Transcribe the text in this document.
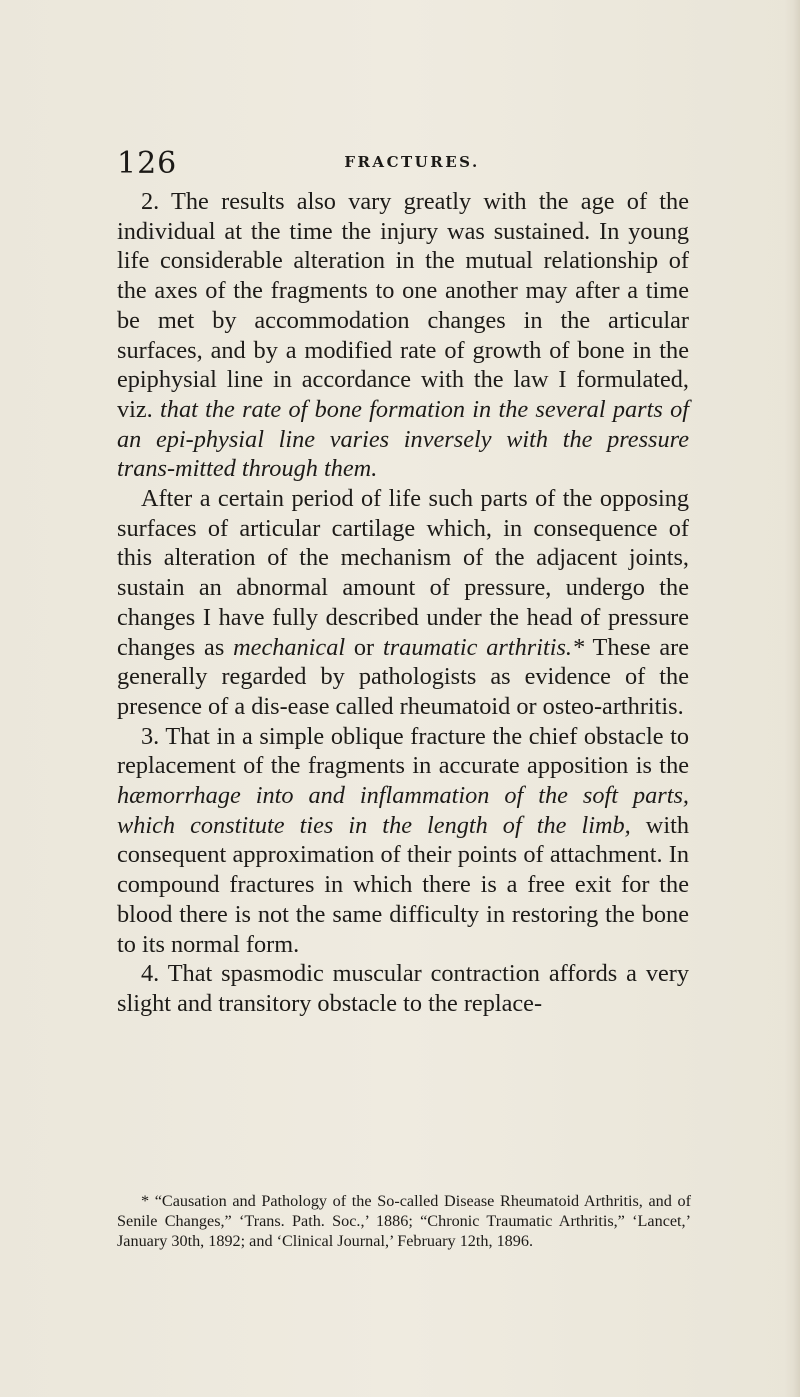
126	FRACTURES.

2. The results also vary greatly with the age of the individual at the time the injury was sustained. In young life considerable alteration in the mutual relationship of the axes of the fragments to one another may after a time be met by accommodation changes in the articular surfaces, and by a modified rate of growth of bone in the epiphysial line in accordance with the law I formulated, viz. that the rate of bone formation in the several parts of an epi-physial line varies inversely with the pressure trans-mitted through them.

After a certain period of life such parts of the opposing surfaces of articular cartilage which, in consequence of this alteration of the mechanism of the adjacent joints, sustain an abnormal amount of pressure, undergo the changes I have fully described under the head of pressure changes as mechanical or traumatic arthritis.* These are generally regarded by pathologists as evidence of the presence of a dis-ease called rheumatoid or osteo-arthritis.

3. That in a simple oblique fracture the chief obstacle to replacement of the fragments in accurate apposition is the hæmorrhage into and inflammation of the soft parts, which constitute ties in the length of the limb, with consequent approximation of their points of attachment. In compound fractures in which there is a free exit for the blood there is not the same difficulty in restoring the bone to its normal form.

4. That spasmodic muscular contraction affords a very slight and transitory obstacle to the replace-

* “Causation and Pathology of the So-called Disease Rheumatoid Arthritis, and of Senile Changes,” ‘Trans. Path. Soc.,’ 1886; “Chronic Traumatic Arthritis,” ‘Lancet,’ January 30th, 1892; and ‘Clinical Journal,’ February 12th, 1896.
